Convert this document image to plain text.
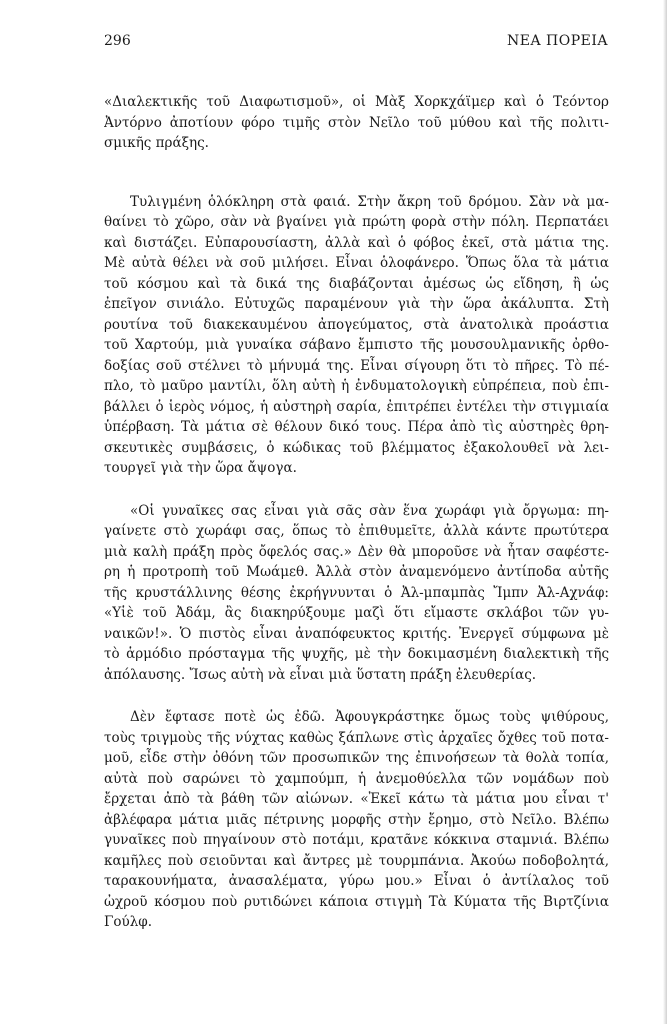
296	ΝΕΑ ΠΟΡΕΙΑ

«Διαλεκτικῆς τοῦ Διαφωτισμοῦ», οἱ Μὰξ Χορκχάϊμερ καὶ ὁ Τεόντορ
Ἀντόρνο ἀποτίουν φόρο τιμῆς στὸν Νεῖλο τοῦ μύθου καὶ τῆς πολιτι-
σμικῆς πράξης.

Τυλιγμένη ὁλόκληρη στὰ φαιά. Στὴν ἄκρη τοῦ δρόμου. Σὰν νὰ μα-
θαίνει τὸ χῶρο, σὰν νὰ βγαίνει γιὰ πρώτη φορὰ στὴν πόλη. Περπατάει
καὶ διστάζει. Εὐπαρουσίαστη, ἀλλὰ καὶ ὁ φόβος ἐκεῖ, στὰ μάτια της.
Μὲ αὐτὰ θέλει νὰ σοῦ μιλήσει. Εἶναι ὁλοφάνερο. Ὅπως ὅλα τὰ μάτια
τοῦ κόσμου καὶ τὰ δικά της διαβάζονται ἀμέσως ὡς εἴδηση, ἢ ὡς
ἐπεῖγον σινιάλο. Εὐτυχῶς παραμένουν γιὰ τὴν ὥρα ἀκάλυπτα. Στὴ
ρουτίνα τοῦ διακεκαυμένου ἀπογεύματος, στὰ ἀνατολικὰ προάστια
τοῦ Χαρτούμ, μιὰ γυναίκα σάβανο ἔμπιστο τῆς μουσουλμανικῆς ὀρθο-
δοξίας σοῦ στέλνει τὸ μήνυμά της. Εἶναι σίγουρη ὅτι τὸ πῆρες. Τὸ πέ-
πλο, τὸ μαῦρο μαντίλι, ὅλη αὐτὴ ἡ ἐνδυματολογικὴ εὐπρέπεια, ποὺ ἐπι-
βάλλει ὁ ἱερὸς νόμος, ἡ αὐστηρὴ σαρία, ἐπιτρέπει ἐντέλει τὴν στιγμιαία
ὑπέρβαση. Τὰ μάτια σὲ θέλουν δικό τους. Πέρα ἀπὸ τὶς αὐστηρὲς θρη-
σκευτικὲς συμβάσεις, ὁ κώδικας τοῦ βλέμματος ἐξακολουθεῖ νὰ λει-
τουργεῖ γιὰ τὴν ὥρα ἄψογα.

«Οἱ γυναῖκες σας εἶναι γιὰ σᾶς σὰν ἕνα χωράφι γιὰ ὄργωμα: πη-
γαίνετε στὸ χωράφι σας, ὅπως τὸ ἐπιθυμεῖτε, ἀλλὰ κάντε πρωτύτερα
μιὰ καλὴ πράξη πρὸς ὄφελός σας.» Δὲν θὰ μποροῦσε νὰ ἦταν σαφέστε-
ρη ἡ προτροπὴ τοῦ Μωάμεθ. Ἀλλὰ στὸν ἀναμενόμενο ἀντίποδα αὐτῆς
τῆς κρυστάλλινης θέσης ἐκρήγνυνται ὁ Ἀλ-μπαμπὰς Ἴμπν Ἀλ-Αχνάφ:
«Υἱὲ τοῦ Ἀδάμ, ἂς διακηρύξουμε μαζὶ ὅτι εἴμαστε σκλάβοι τῶν γυ-
ναικῶν!». Ὁ πιστὸς εἶναι ἀναπόφευκτος κριτής. Ἐνεργεῖ σύμφωνα μὲ
τὸ ἁρμόδιο πρόσταγμα τῆς ψυχῆς, μὲ τὴν δοκιμασμένη διαλεκτικὴ τῆς
ἀπόλαυσης. Ἴσως αὐτὴ νὰ εἶναι μιὰ ὕστατη πράξη ἐλευθερίας.

Δὲν ἔφτασε ποτὲ ὡς ἐδῶ. Ἀφουγκράστηκε ὅμως τοὺς ψιθύρους,
τοὺς τριγμοὺς τῆς νύχτας καθὼς ξάπλωνε στὶς ἀρχαῖες ὄχθες τοῦ ποτα-
μοῦ, εἶδε στὴν ὀθόνη τῶν προσωπικῶν της ἐπινοήσεων τὰ θολὰ τοπία,
αὐτὰ ποὺ σαρώνει τὸ χαμπούμπ, ἡ ἀνεμοθύελλα τῶν νομάδων ποὺ
ἔρχεται ἀπὸ τὰ βάθη τῶν αἰώνων. «Ἐκεῖ κάτω τὰ μάτια μου εἶναι τ'
ἀβλέφαρα μάτια μιᾶς πέτρινης μορφῆς στὴν ἔρημο, στὸ Νεῖλο. Βλέπω
γυναῖκες ποὺ πηγαίνουν στὸ ποτάμι, κρατᾶνε κόκκινα σταμνιά. Βλέπω
καμῆλες ποὺ σειοῦνται καὶ ἄντρες μὲ τουρμπάνια. Ἀκούω ποδοβολητά,
ταρακουνήματα, ἀνασαλέματα, γύρω μου.» Εἶναι ὁ ἀντίλαλος τοῦ
ὠχροῦ κόσμου ποὺ ρυτιδώνει κάποια στιγμὴ Τὰ Κύματα τῆς Βιρτζίνια
Γούλφ.
